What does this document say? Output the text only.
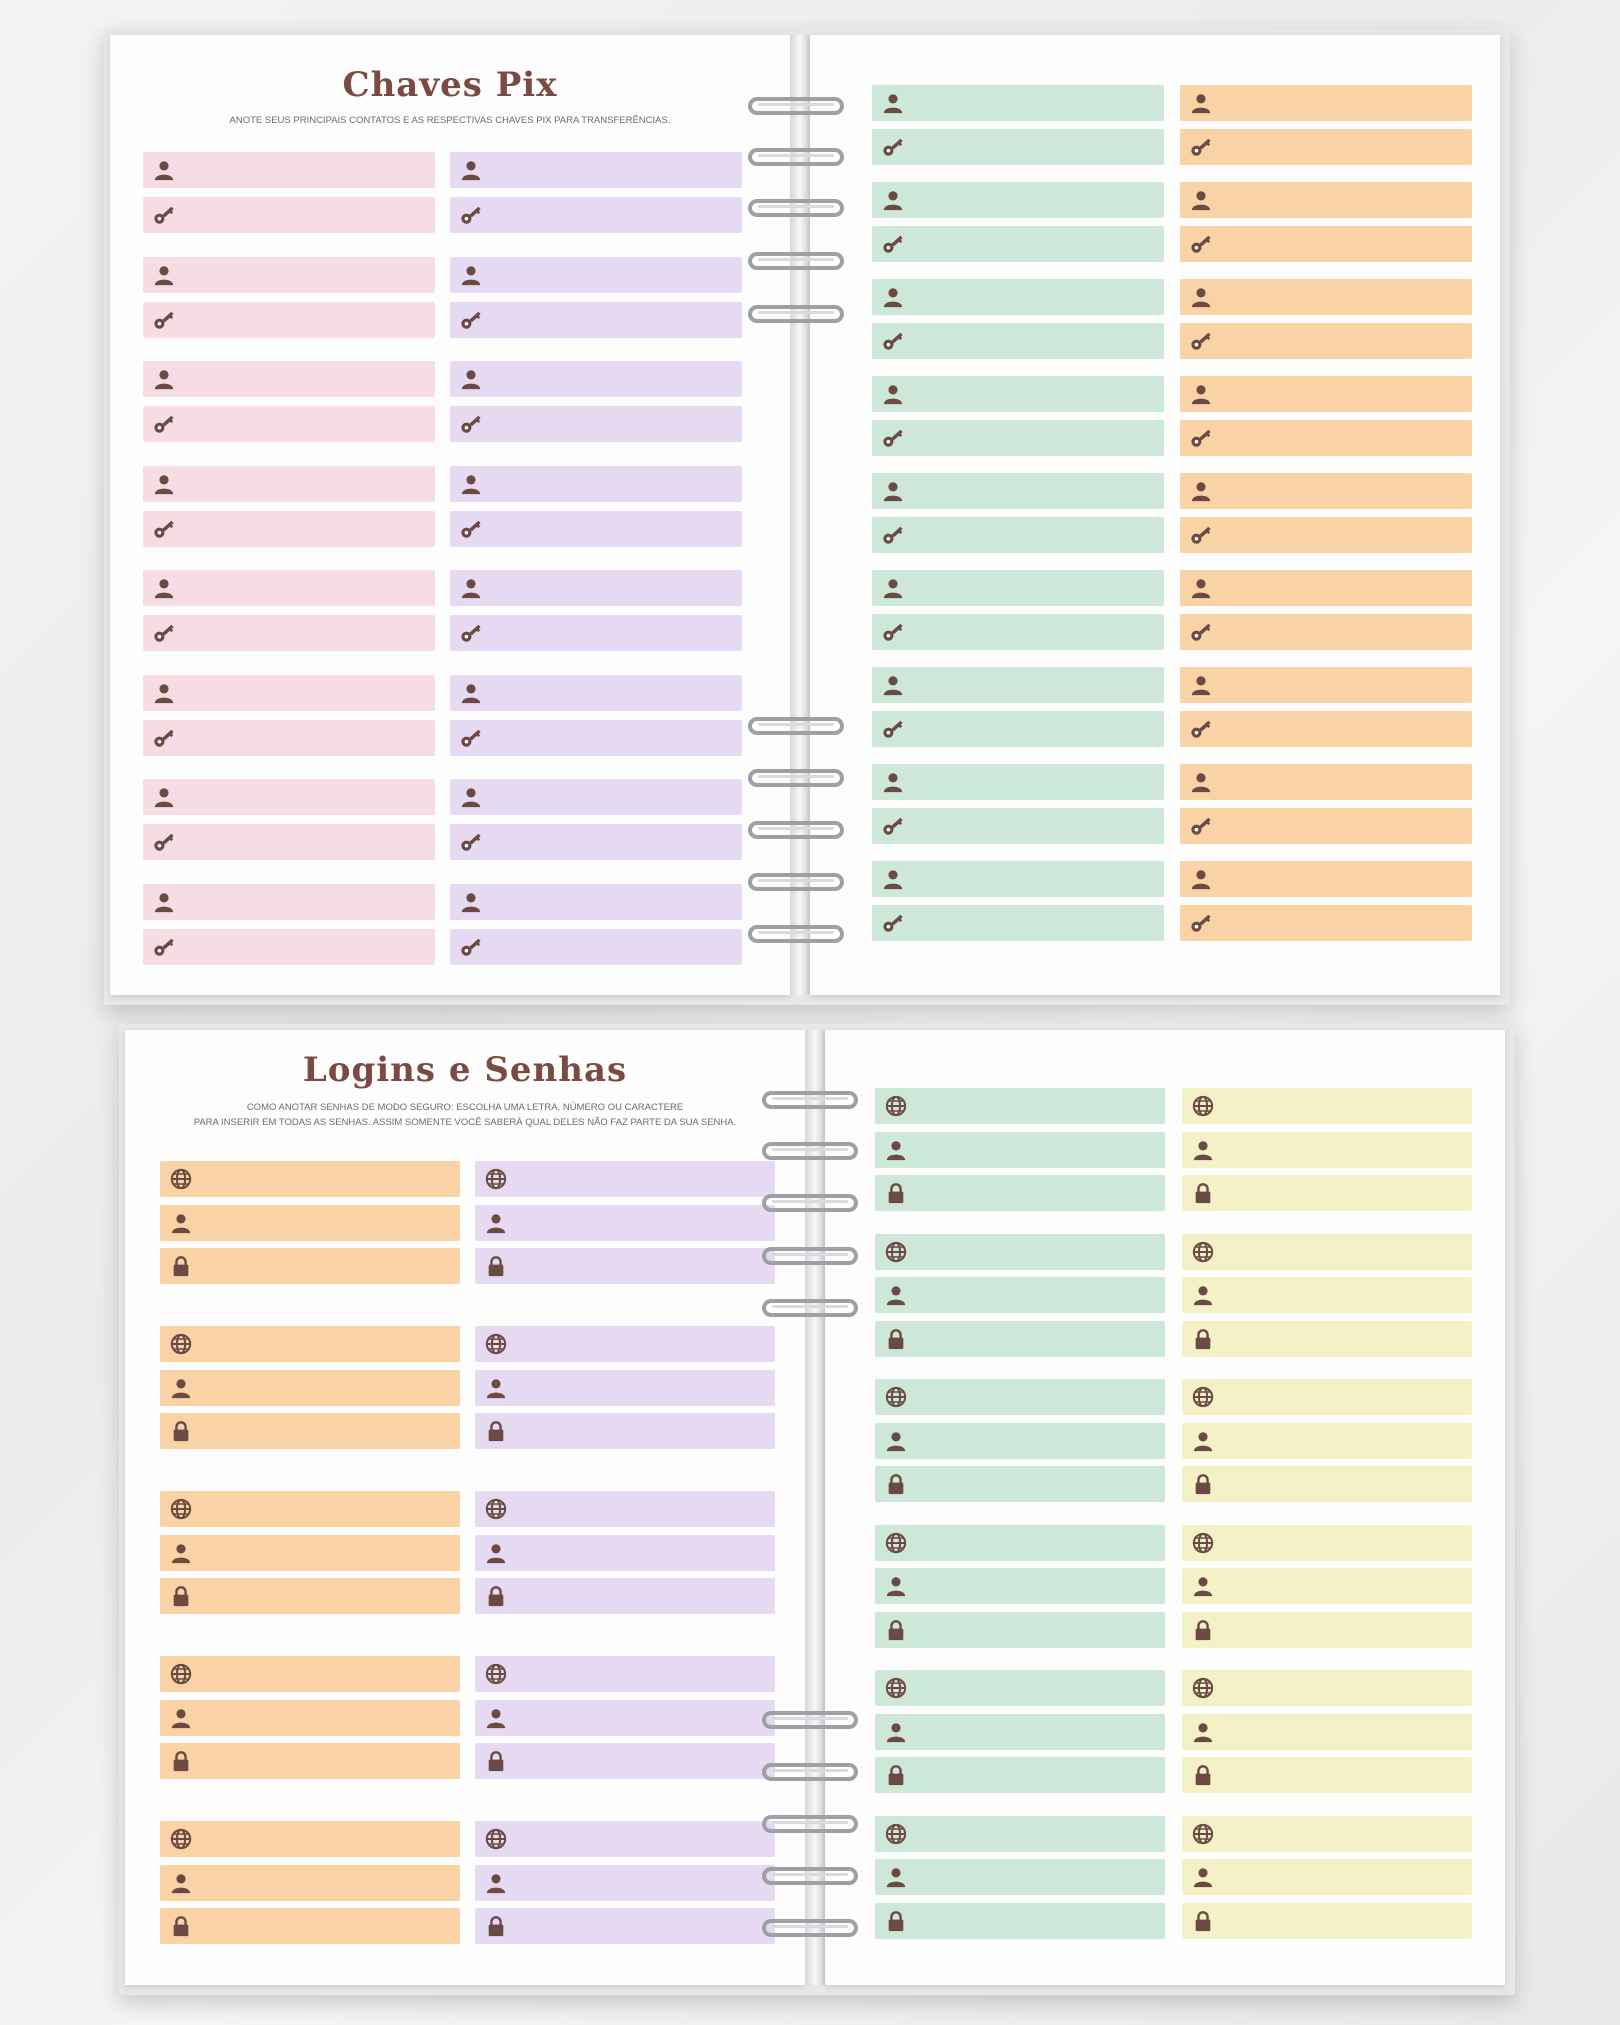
Chaves Pix
ANOTE SEUS PRINCIPAIS CONTATOS E AS RESPECTIVAS CHAVES PIX PARA TRANSFERÊNCIAS.
Logins e Senhas
COMO ANOTAR SENHAS DE MODO SEGURO: ESCOLHA UMA LETRA, NÚMERO OU CARACTERE
PARA INSERIR EM TODAS AS SENHAS. ASSIM SOMENTE VOCÊ SABERÁ QUAL DELES NÃO FAZ PARTE DA SUA SENHA.
